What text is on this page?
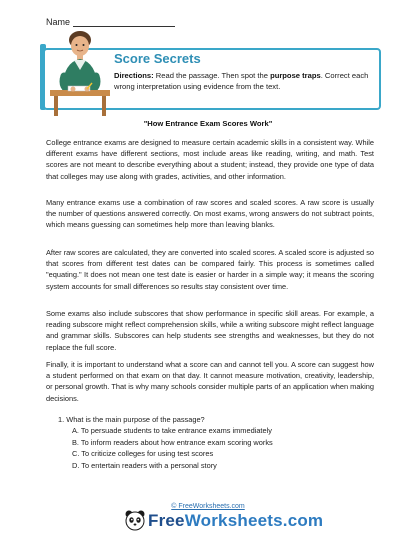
Name
Score Secrets
Directions: Read the passage. Then spot the purpose traps. Correct each wrong interpretation using evidence from the text.
"How Entrance Exam Scores Work"

College entrance exams are designed to measure certain academic skills in a consistent way. While different exams have different sections, most include areas like reading, writing, and math. Test scores are not meant to describe everything about a student; instead, they provide one type of data that colleges may use along with grades, activities, and other information.

Many entrance exams use a combination of raw scores and scaled scores. A raw score is usually the number of questions answered correctly. On most exams, wrong answers do not subtract points, which means guessing can sometimes help more than leaving blanks.

After raw scores are calculated, they are converted into scaled scores. A scaled score is adjusted so that scores from different test dates can be compared fairly. This process is sometimes called "equating." It does not mean one test date is easier or harder in a simple way; it means the scoring system accounts for small differences so results stay consistent over time.

Some exams also include subscores that show performance in specific skill areas. For example, a reading subscore might reflect comprehension skills, while a writing subscore might reflect language and grammar skills. Subscores can help students see strengths and weaknesses, but they do not replace the full score.

Finally, it is important to understand what a score can and cannot tell you. A score can suggest how a student performed on that exam on that day. It cannot measure motivation, creativity, leadership, or personal growth. That is why many schools consider multiple parts of an application when making decisions.

1. What is the main purpose of the passage?

A. To persuade students to take entrance exams immediately

B. To inform readers about how entrance exam scoring works

C. To criticize colleges for using test scores

D. To entertain readers with a personal story

© FreeWorksheets.com
FreeWorksheets.com
